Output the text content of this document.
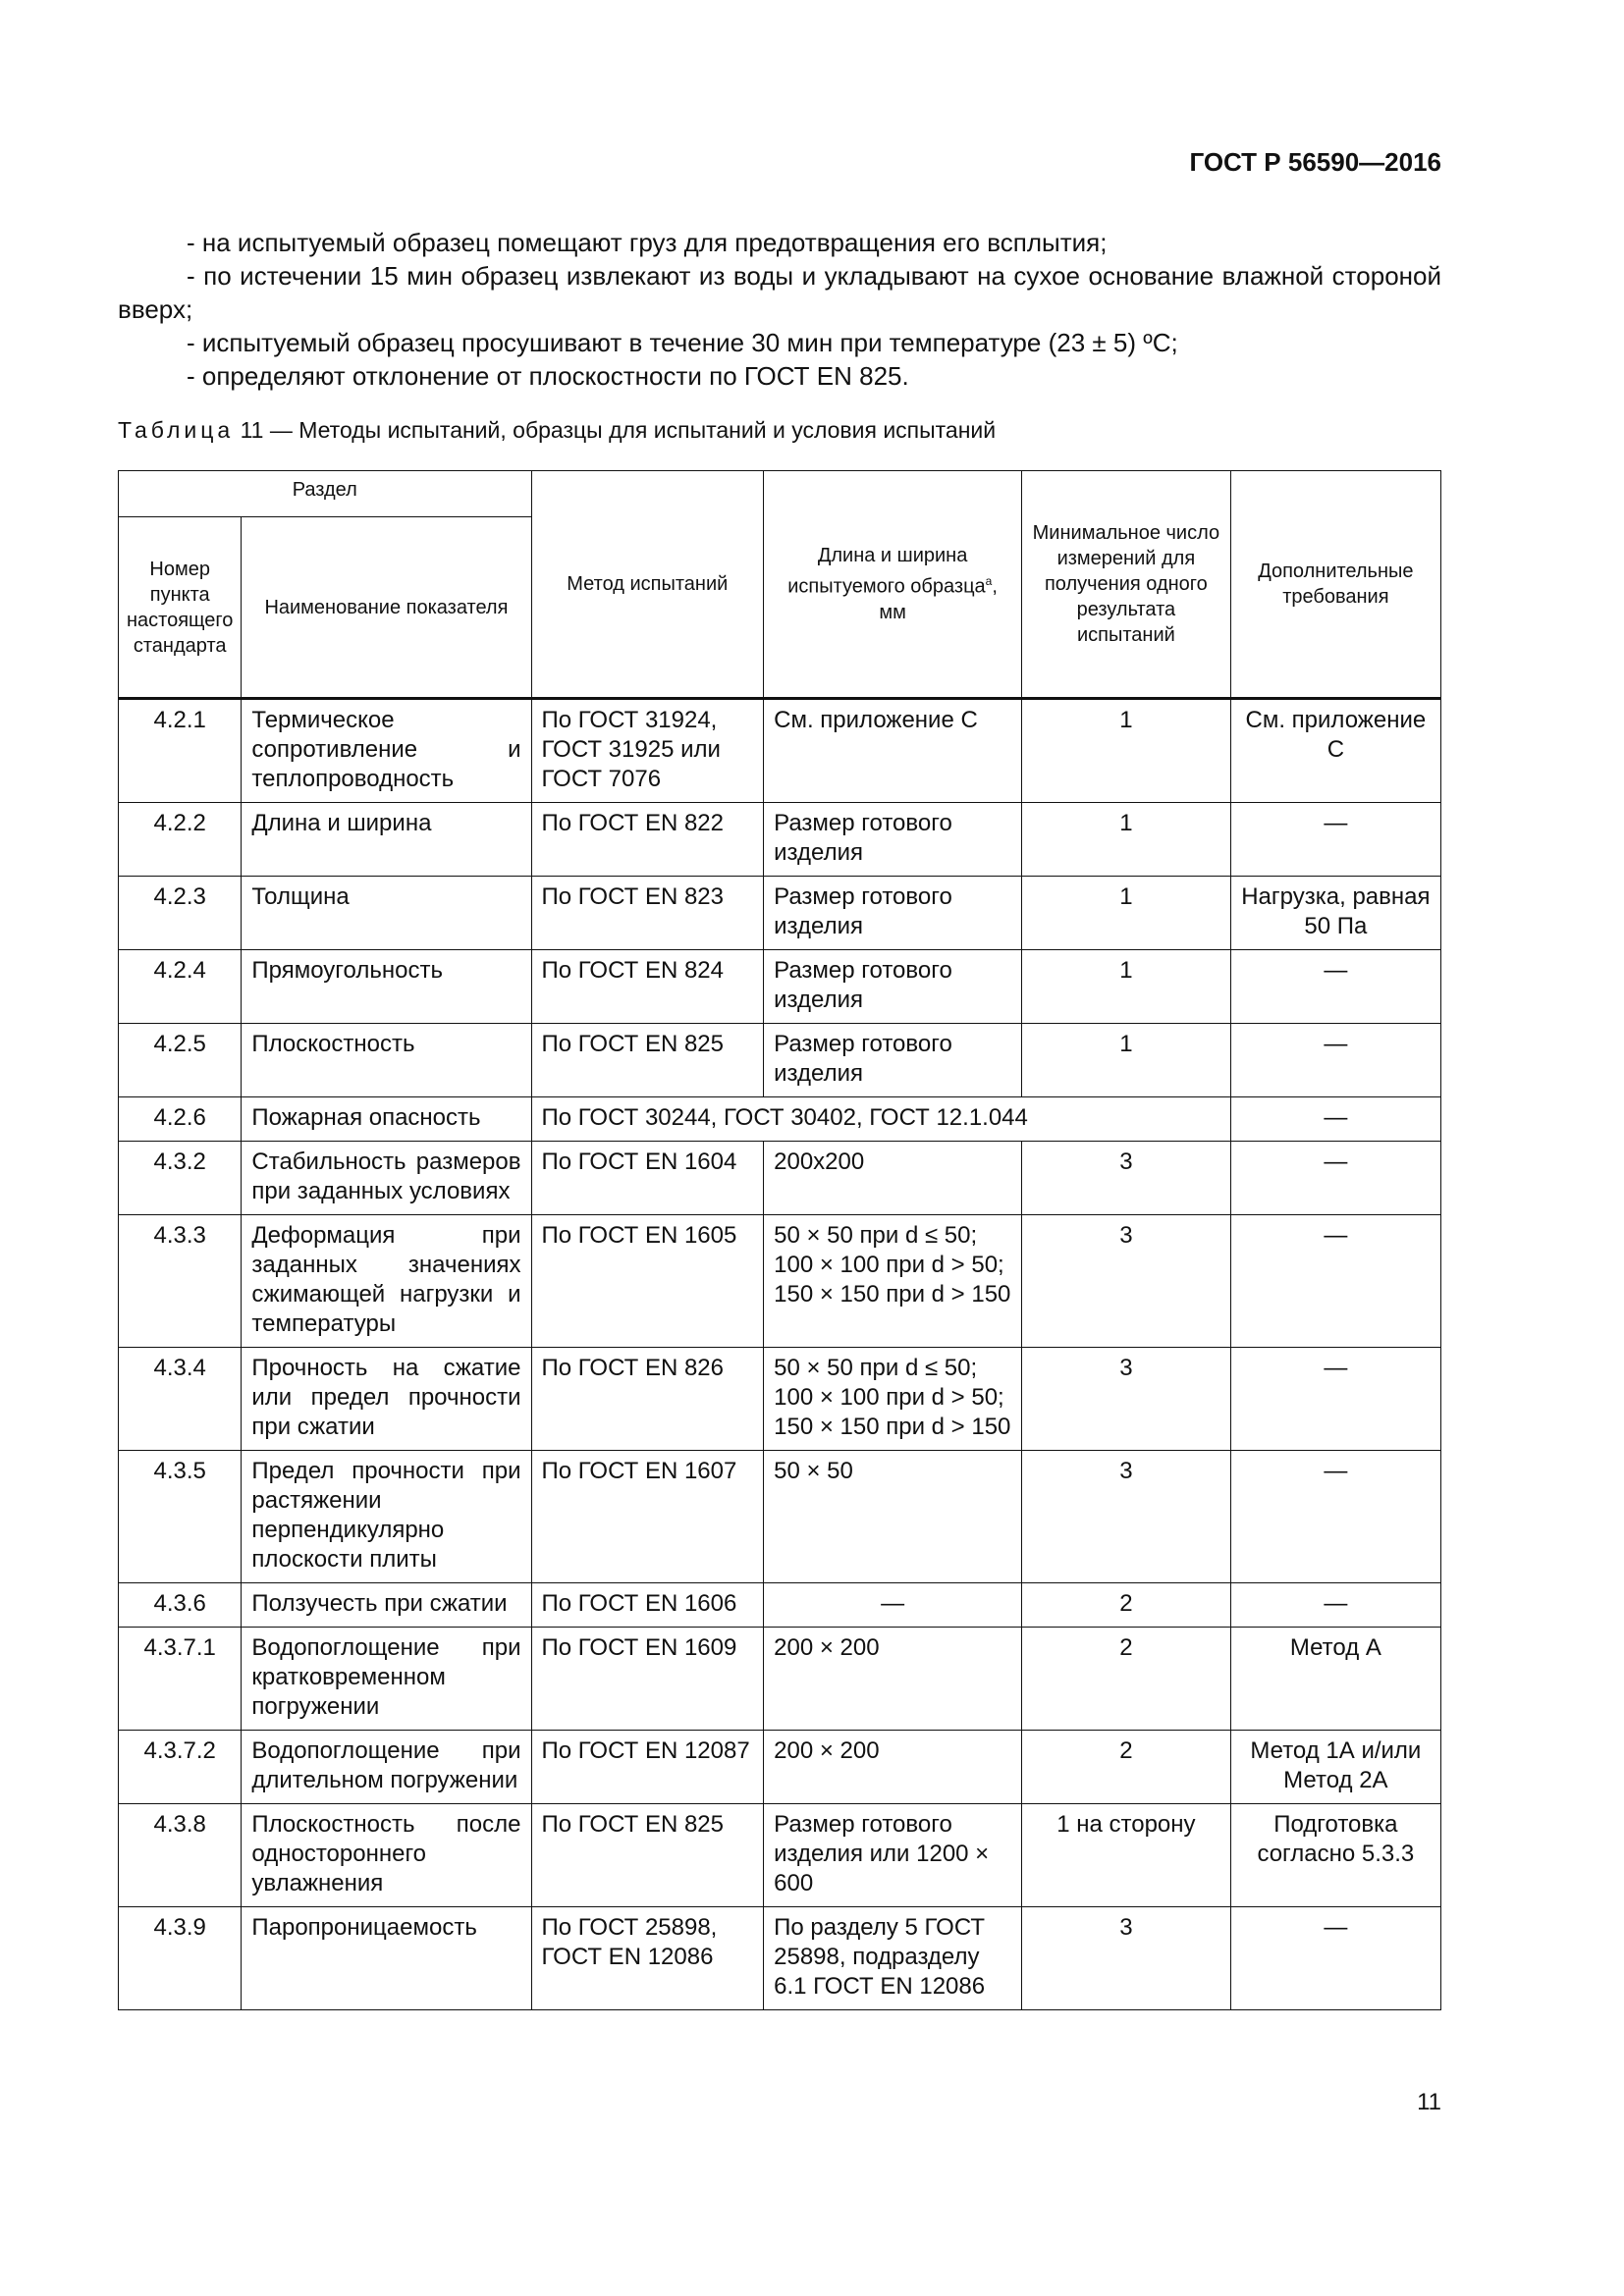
ГОСТ Р 56590—2016

- на испытуемый образец помещают груз для предотвращения его всплытия;

- по истечении 15 мин образец извлекают из воды и укладывают на сухое основание влажной стороной вверх;

- испытуемый образец просушивают в течение 30 мин при температуре (23 ± 5) ºС;

- определяют отклонение от плоскостности по ГОСТ EN 825.

Таблица 11 — Методы испытаний, образцы для испытаний и условия испытаний
Раздел		Метод испытаний	Длина и ширина испытуемого образца$^а$, мм	Минимальное число измерений для получения одного результата испытаний	Дополнительные требования
Номер пункта настоящего стандарта	Наименование показателя				
4.2.1	Термическое сопротивление и теплопроводность	По ГОСТ 31924, ГОСТ 31925 или ГОСТ 7076	См. приложение С	1	См. приложение С
4.2.2	Длина и ширина	По ГОСТ EN 822	Размер готового изделия	1	—
4.2.3	Толщина	По ГОСТ EN 823	Размер готового изделия	1	Нагрузка, равная 50 Па
4.2.4	Прямоугольность	По ГОСТ EN 824	Размер готового изделия	1	—
4.2.5	Плоскостность	По ГОСТ EN 825	Размер готового изделия	1	—
4.2.6	Пожарная опасность	По ГОСТ 30244, ГОСТ 30402, ГОСТ 12.1.044			—
4.3.2	Стабильность размеров при заданных условиях	По ГОСТ EN 1604	200x200	3	—
4.3.3	Деформация при заданных значениях сжимающей нагрузки и температуры	По ГОСТ EN 1605	50 × 50 при d ≤ 50; 100 × 100 при d > 50; 150 × 150 при d > 150	3	—
4.3.4	Прочность на сжатие или предел прочности при сжатии	По ГОСТ EN 826	50 × 50 при d ≤ 50; 100 × 100 при d > 50; 150 × 150 при d > 150	3	—
4.3.5	Предел прочности при растяжении перпендикулярно плоскости плиты	По ГОСТ EN 1607	50 × 50	3	—
4.3.6	Ползучесть при сжатии	По ГОСТ EN 1606	—	2	—
4.3.7.1	Водопоглощение при кратковременном погружении	По ГОСТ EN 1609	200 × 200	2	Метод А
4.3.7.2	Водопоглощение при длительном погружении	По ГОСТ EN 12087	200 × 200	2	Метод 1А и/или Метод 2А
4.3.8	Плоскостность после одностороннего увлажнения	По ГОСТ EN 825	Размер готового изделия или 1200 × 600	1 на сторону	Подготовка согласно 5.3.3
4.3.9	Паропроницаемость	По ГОСТ 25898, ГОСТ EN 12086	По разделу 5 ГОСТ 25898, подразделу 6.1 ГОСТ EN 12086	3	—
11
